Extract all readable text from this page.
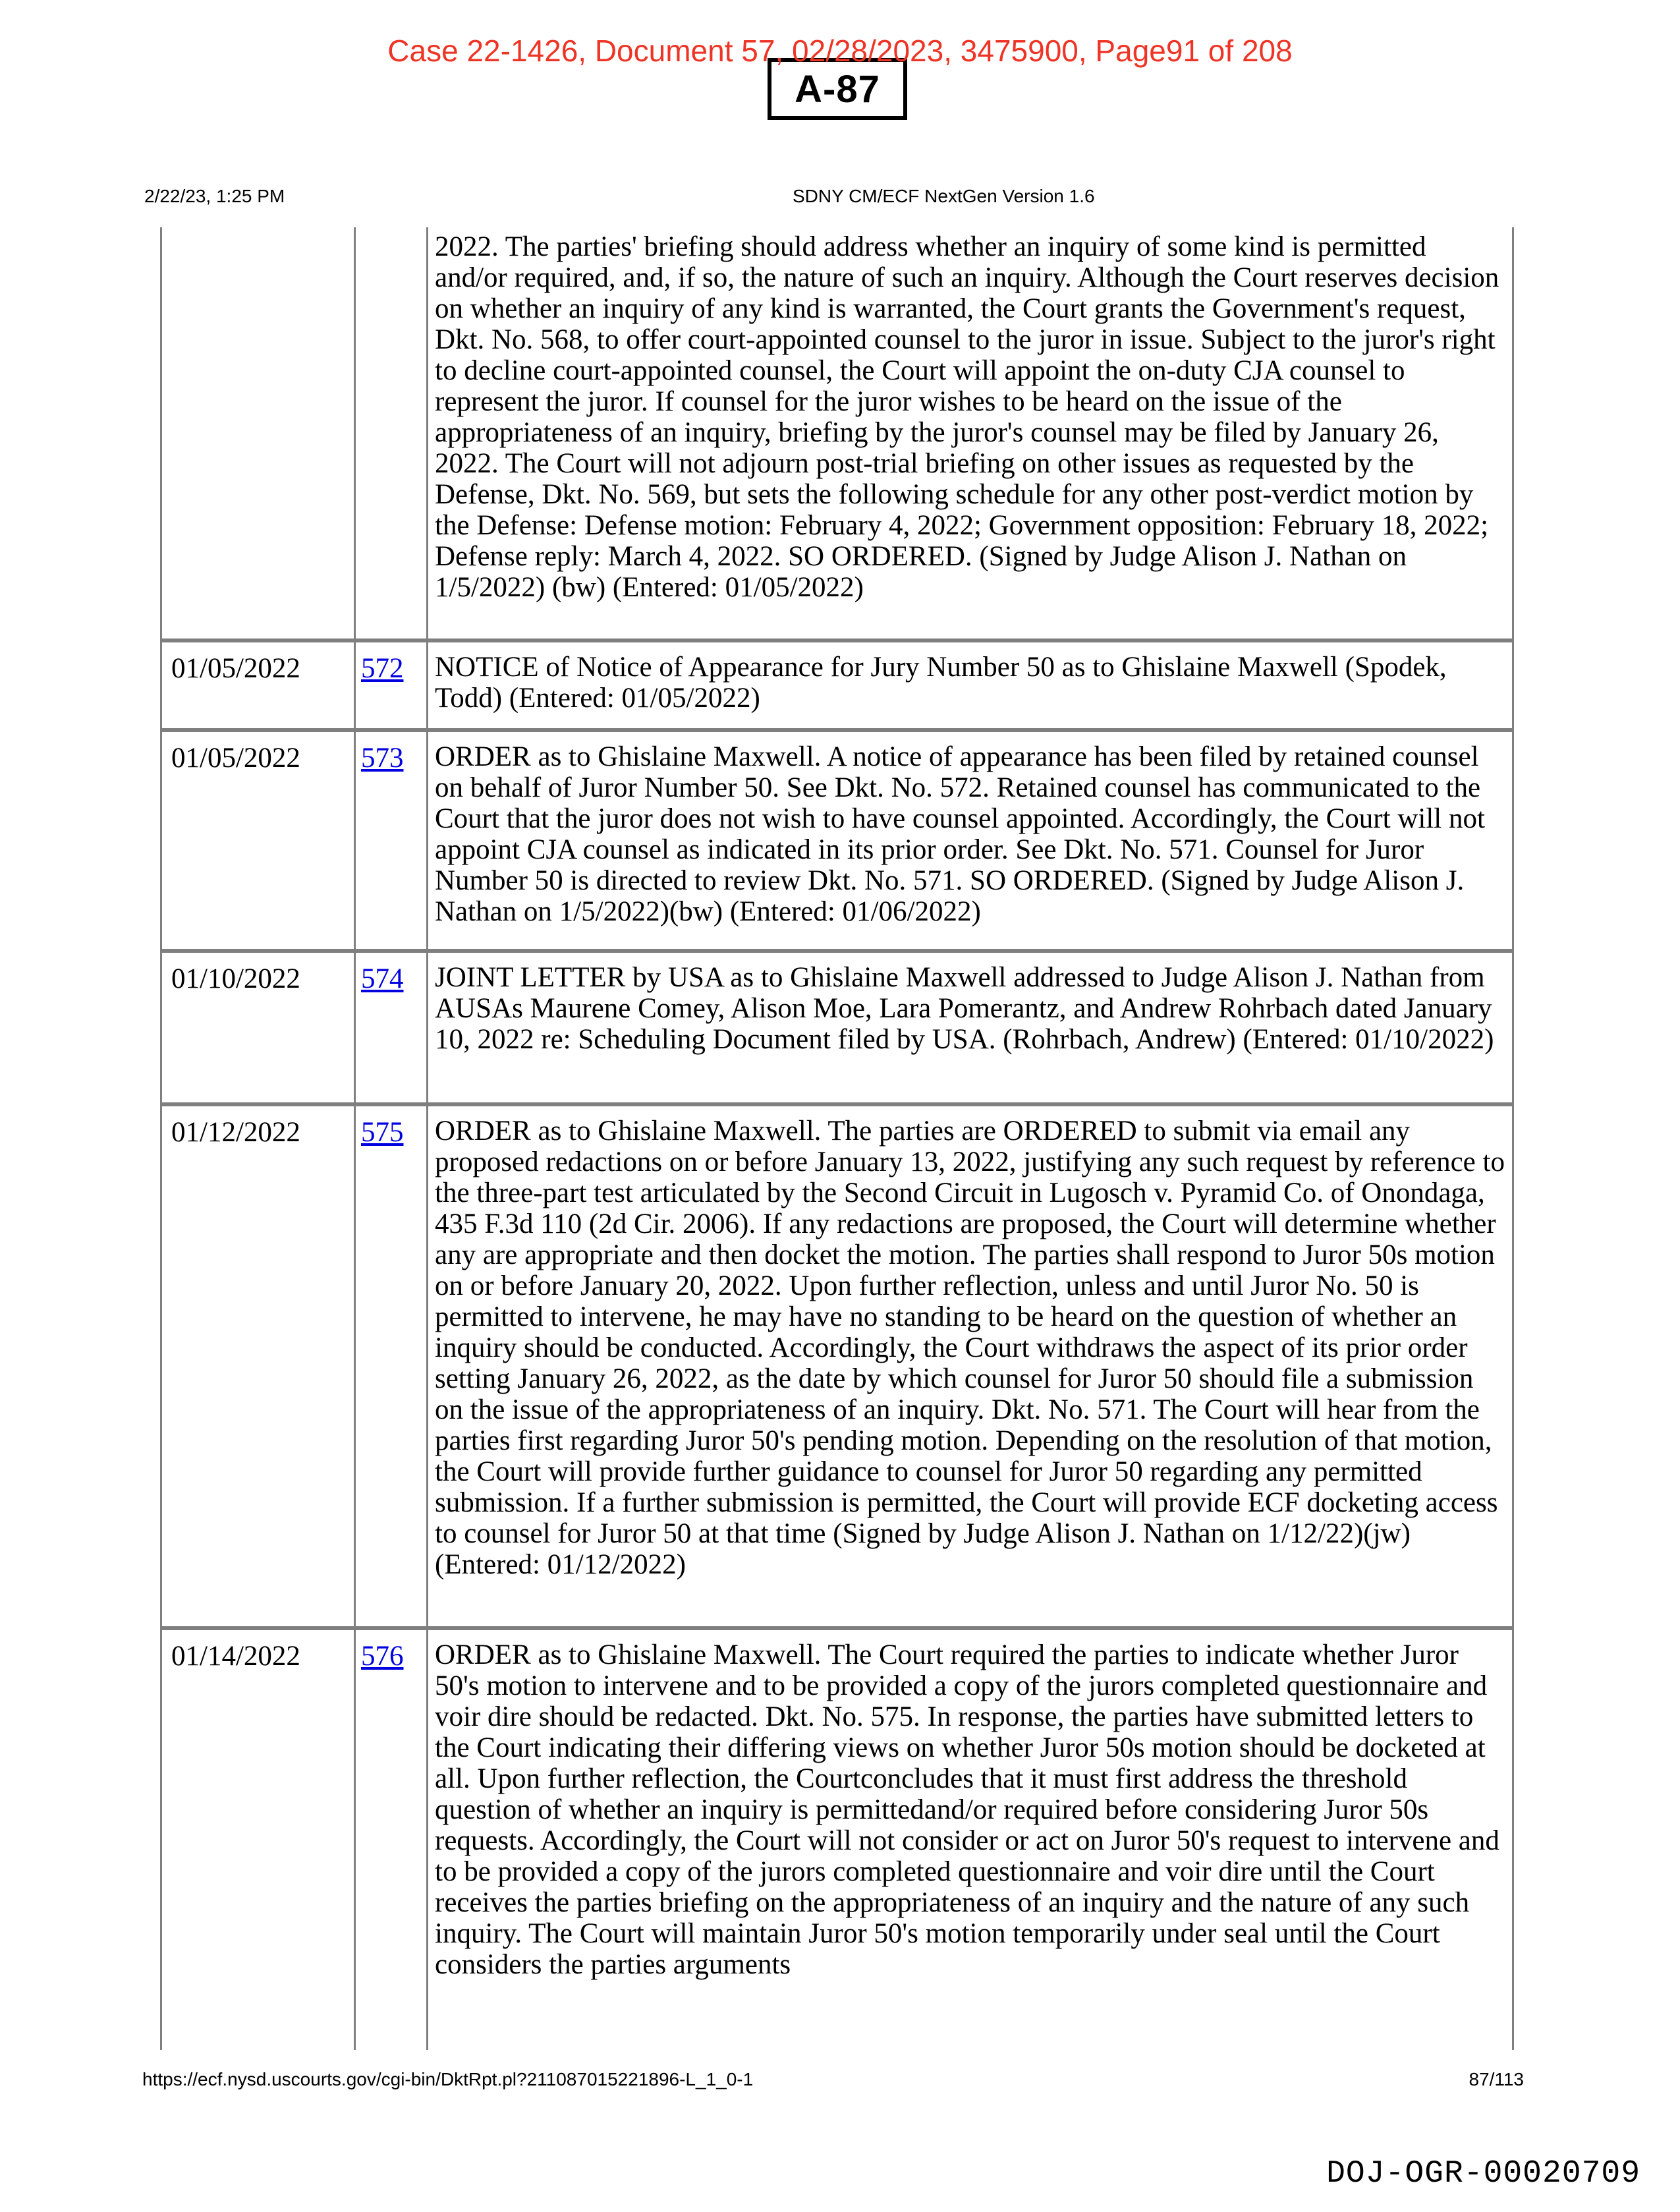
Case 22-1426, Document 57, 02/28/2023, 3475900, Page91 of 208
A-87
2/22/23, 1:25 PM	SDNY CM/ECF NextGen Version 1.6
		2022. The parties' briefing should address whether an inquiry of some kind is permitted and/or required, and, if so, the nature of such an inquiry. Although the Court reserves decision on whether an inquiry of any kind is warranted, the Court grants the Government's request, Dkt. No. 568, to offer court-appointed counsel to the juror in issue. Subject to the juror's right to decline court-appointed counsel, the Court will appoint the on-duty CJA counsel to represent the juror. If counsel for the juror wishes to be heard on the issue of the appropriateness of an inquiry, briefing by the juror's counsel may be filed by January 26, 2022. The Court will not adjourn post-trial briefing on other issues as requested by the Defense, Dkt. No. 569, but sets the following schedule for any other post-verdict motion by the Defense: Defense motion: February 4, 2022; Government opposition: February 18, 2022; Defense reply: March 4, 2022. SO ORDERED. (Signed by Judge Alison J. Nathan on 1/5/2022) (bw) (Entered: 01/05/2022)
01/05/2022	572	NOTICE of Notice of Appearance for Jury Number 50 as to Ghislaine Maxwell (Spodek, Todd) (Entered: 01/05/2022)
01/05/2022	573	ORDER as to Ghislaine Maxwell. A notice of appearance has been filed by retained counsel on behalf of Juror Number 50. See Dkt. No. 572. Retained counsel has communicated to the Court that the juror does not wish to have counsel appointed. Accordingly, the Court will not appoint CJA counsel as indicated in its prior order. See Dkt. No. 571. Counsel for Juror Number 50 is directed to review Dkt. No. 571. SO ORDERED. (Signed by Judge Alison J. Nathan on 1/5/2022)(bw) (Entered: 01/06/2022)
01/10/2022	574	JOINT LETTER by USA as to Ghislaine Maxwell addressed to Judge Alison J. Nathan from AUSAs Maurene Comey, Alison Moe, Lara Pomerantz, and Andrew Rohrbach dated January 10, 2022 re: Scheduling Document filed by USA. (Rohrbach, Andrew) (Entered: 01/10/2022)
01/12/2022	575	ORDER as to Ghislaine Maxwell. The parties are ORDERED to submit via email any proposed redactions on or before January 13, 2022, justifying any such request by reference to the three-part test articulated by the Second Circuit in Lugosch v. Pyramid Co. of Onondaga, 435 F.3d 110 (2d Cir. 2006). If any redactions are proposed, the Court will determine whether any are appropriate and then docket the motion. The parties shall respond to Juror 50s motion on or before January 20, 2022. Upon further reflection, unless and until Juror No. 50 is permitted to intervene, he may have no standing to be heard on the question of whether an inquiry should be conducted. Accordingly, the Court withdraws the aspect of its prior order setting January 26, 2022, as the date by which counsel for Juror 50 should file a submission on the issue of the appropriateness of an inquiry. Dkt. No. 571. The Court will hear from the parties first regarding Juror 50's pending motion. Depending on the resolution of that motion, the Court will provide further guidance to counsel for Juror 50 regarding any permitted submission. If a further submission is permitted, the Court will provide ECF docketing access to counsel for Juror 50 at that time (Signed by Judge Alison J. Nathan on 1/12/22)(jw) (Entered: 01/12/2022)
01/14/2022	576	ORDER as to Ghislaine Maxwell. The Court required the parties to indicate whether Juror 50's motion to intervene and to be provided a copy of the jurors completed questionnaire and voir dire should be redacted. Dkt. No. 575. In response, the parties have submitted letters to the Court indicating their differing views on whether Juror 50s motion should be docketed at all. Upon further reflection, the Courtconcludes that it must first address the threshold question of whether an inquiry is permittedand/or required before considering Juror 50s requests. Accordingly, the Court will not consider or act on Juror 50's request to intervene and to be provided a copy of the jurors completed questionnaire and voir dire until the Court receives the parties briefing on the appropriateness of an inquiry and the nature of any such inquiry. The Court will maintain Juror 50's motion temporarily under seal until the Court considers the parties arguments
https://ecf.nysd.uscourts.gov/cgi-bin/DktRpt.pl?211087015221896-L_1_0-1	87/113
DOJ-OGR-00020709
